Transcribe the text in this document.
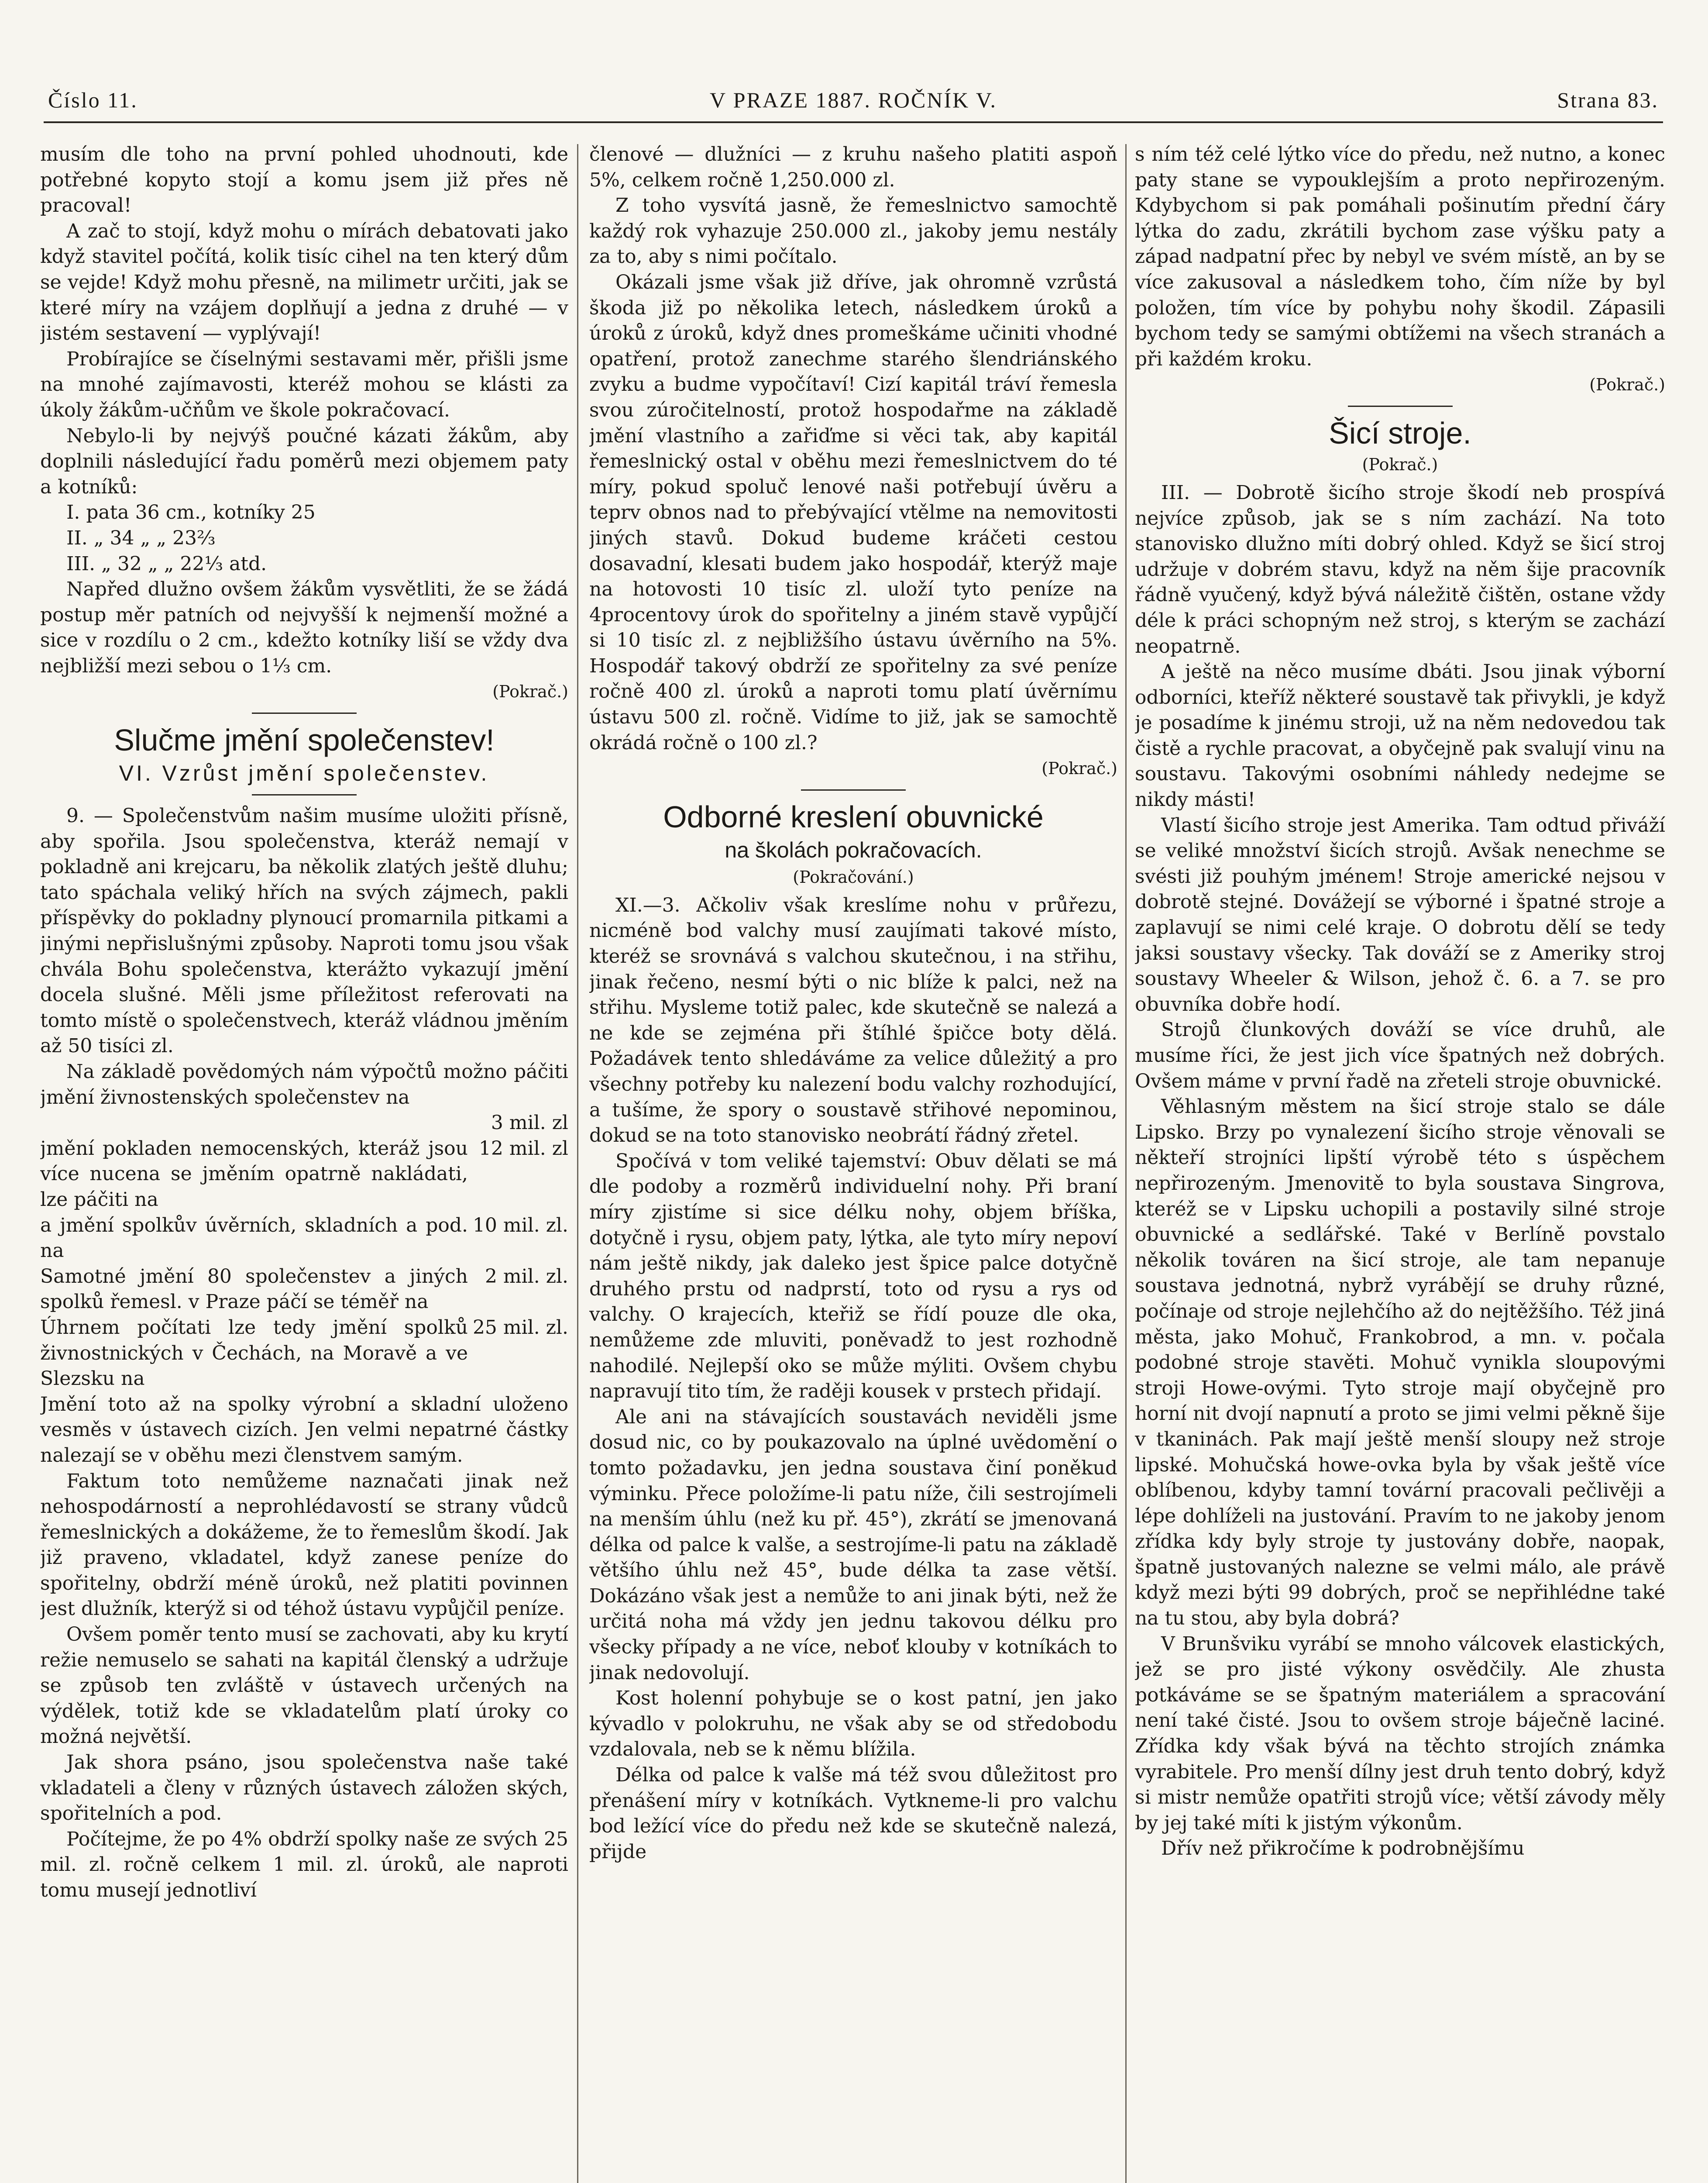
Číslo 11.	V PRAZE 1887. ROČNÍK V.	Strana 83.

musím dle toho na první pohled uhodnouti, kde potřebné kopyto stojí a komu jsem již přes ně pracoval!

A zač to stojí, když mohu o mírách debatovati jako když stavitel počítá, kolik tisíc cihel na ten který dům se vejde! Když mohu přesně, na milimetr určiti, jak se které míry na vzájem doplňují a jedna z druhé — v jistém sestavení — vyplývají!

Probírajíce se číselnými sestavami měr, přišli jsme na mnohé zajímavosti, kteréž mohou se klásti za úkoly žákům-učňům ve škole pokračovací.

Nebylo-li by nejvýš poučné kázati žákům, aby doplnili následující řadu poměrů mezi objemem paty a kotníků:

I. pata 36 cm., kotníky 25

II. „ 34 „ „ 23²⁄₃

III. „ 32 „ „ 22¹⁄₃ atd.

Napřed dlužno ovšem žákům vysvětliti, že se žádá postup měr patních od nejvyšší k nejmenší možné a sice v rozdílu o 2 cm., kdežto kotníky liší se vždy dva nejbližší mezi sebou o 1¹⁄₃ cm.

(Pokrač.)

Slučme jmění společenstev!
VI. Vzrůst jmění společenstev.

9. — Společenstvům našim musíme uložiti přísně, aby spořila. Jsou společenstva, kteráž nemají v pokladně ani krejcaru, ba několik zlatých ještě dluhu; tato spáchala veliký hřích na svých zájmech, pakli příspěvky do pokladny plynoucí promarnila pitkami a jinými nepřislušnými způsoby. Naproti tomu jsou však chvála Bohu společenstva, kterážto vykazují jmění docela slušné. Měli jsme příležitost referovati na tomto místě o společenstvech, kteráž vládnou jměním až 50 tisíci zl.

Na základě povědomých nám výpočtů možno páčiti jmění živnostenských společenstev na

3 mil. zl
jmění pokladen nemocenských, kteráž jsou více nucena se jměním opatrně nakládati, lze páčiti na
12 mil. zl
a jmění spolkův úvěrních, skladních a pod. na
10 mil. zl.
Samotné jmění 80 společenstev a jiných spolků řemesl. v Praze páčí se téměř na
2 mil. zl.
Úhrnem počítati lze tedy jmění spolků živnostnických v Čechách, na Moravě a ve Slezsku na
25 mil. zl.

Jmění toto až na spolky výrobní a skladní uloženo vesměs v ústavech cizích. Jen velmi nepatrné částky nalezají se v oběhu mezi členstvem samým.

Faktum toto nemůžeme naznačati jinak než nehospodárností a neprohlédavostí se strany vůdců řemeslnických a dokážeme, že to řemeslům škodí. Jak již praveno, vkladatel, když zanese peníze do spořitelny, obdrží méně úroků, než platiti povinnen jest dlužník, kterýž si od téhož ústavu vypůjčil peníze.

Ovšem poměr tento musí se zachovati, aby ku krytí režie nemuselo se sahati na kapitál členský a udržuje se způsob ten zvláště v ústavech určených na výdělek, totiž kde se vkladatelům platí úroky co možná největší.

Jak shora psáno, jsou společenstva naše také vkladateli a členy v různých ústavech záložen ských, spořitelních a pod.

Počítejme, že po 4% obdrží spolky naše ze svých 25 mil. zl. ročně celkem 1 mil. zl. úroků, ale naproti tomu musejí jednotliví

členové — dlužníci — z kruhu našeho platiti aspoň 5%, celkem ročně 1,250.000 zl.

Z toho vysvítá jasně, že řemeslnictvo samochtě každý rok vyhazuje 250.000 zl., jakoby jemu nestály za to, aby s nimi počítalo.

Okázali jsme však již dříve, jak ohromně vzrůstá škoda již po několika letech, následkem úroků a úroků z úroků, když dnes promeškáme učiniti vhodné opatření, protož zanechme starého šlendriánského zvyku a budme vypočítaví! Cizí kapitál tráví řemesla svou zúročitelností, protož hospodařme na základě jmění vlastního a zařiďme si věci tak, aby kapitál řemeslnický ostal v oběhu mezi řemeslnictvem do té míry, pokud spoluč lenové naši potřebují úvěru a teprv obnos nad to přebývající vtělme na nemovitosti jiných stavů. Dokud budeme kráčeti cestou dosavadní, klesati budem jako hospodář, kterýž maje na hotovosti 10 tisíc zl. uloží tyto peníze na 4procentovy úrok do spořitelny a jiném stavě vypůjčí si 10 tisíc zl. z nejbližšího ústavu úvěrního na 5%. Hospodář takový obdrží ze spořitelny za své peníze ročně 400 zl. úroků a naproti tomu platí úvěrnímu ústavu 500 zl. ročně. Vidíme to již, jak se samochtě okrádá ročně o 100 zl.?

(Pokrač.)

Odborné kreslení obuvnické
na školách pokračovacích.
(Pokračování.)

XI.—3. Ačkoliv však kreslíme nohu v průřezu, nicméně bod valchy musí zaujímati takové místo, kteréž se srovnává s valchou skutečnou, i na střihu, jinak řečeno, nesmí býti o nic blíže k palci, než na střihu. Mysleme totiž palec, kde skutečně se nalezá a ne kde se zejména při štíhlé špičce boty dělá. Požadávek tento shledáváme za velice důležitý a pro všechny potřeby ku nalezení bodu valchy rozhodující, a tušíme, že spory o soustavě střihové nepominou, dokud se na toto stanovisko neobrátí řádný zřetel.

Spočívá v tom veliké tajemství: Obuv dělati se má dle podoby a rozměrů individuelní nohy. Při braní míry zjistíme si sice délku nohy, objem bříška, dotyčně i rysu, objem paty, lýtka, ale tyto míry nepoví nám ještě nikdy, jak daleko jest špice palce dotyčně druhého prstu od nadprstí, toto od rysu a rys od valchy. O krajecích, kteřiž se řídí pouze dle oka, nemůžeme zde mluviti, poněvadž to jest rozhodně nahodilé. Nejlepší oko se může mýliti. Ovšem chybu napravují tito tím, že raději kousek v prstech přidají.

Ale ani na stávajících soustavách neviděli jsme dosud nic, co by poukazovalo na úplné uvědomění o tomto požadavku, jen jedna soustava činí poněkud výminku. Přece položíme-li patu níže, čili sestrojímeli na menším úhlu (než ku př. 45°), zkrátí se jmenovaná délka od palce k valše, a sestrojíme-li patu na základě většího úhlu než 45°, bude délka ta zase větší. Dokázáno však jest a nemůže to ani jinak býti, než že určitá noha má vždy jen jednu takovou délku pro všecky případy a ne více, neboť klouby v kotníkách to jinak nedovolují.

Kost holenní pohybuje se o kost patní, jen jako kývadlo v polokruhu, ne však aby se od středobodu vzdalovala, neb se k němu blížila.

Délka od palce k valše má též svou důležitost pro přenášení míry v kotníkách. Vytkneme-li pro valchu bod ležící více do předu než kde se skutečně nalezá, přijde

s ním též celé lýtko více do předu, než nutno, a konec paty stane se vypouklejším a proto nepřirozeným. Kdybychom si pak pomáhali pošinutím přední čáry lýtka do zadu, zkrátili bychom zase výšku paty a západ nadpatní přec by nebyl ve svém místě, an by se více zakusoval a následkem toho, čím níže by byl položen, tím více by pohybu nohy škodil. Zápasili bychom tedy se samými obtížemi na všech stranách a při každém kroku.

(Pokrač.)

Šicí stroje.
(Pokrač.)

III. — Dobrotě šicího stroje škodí neb prospívá nejvíce způsob, jak se s ním zachází. Na toto stanovisko dlužno míti dobrý ohled. Když se šicí stroj udržuje v dobrém stavu, když na něm šije pracovník řádně vyučený, když bývá náležitě čištěn, ostane vždy déle k práci schopným než stroj, s kterým se zachází neopatrně.

A ještě na něco musíme dbáti. Jsou jinak výborní odborníci, kteříž některé soustavě tak přivykli, je když je posadíme k jinému stroji, už na něm nedovedou tak čistě a rychle pracovat, a obyčejně pak svalují vinu na soustavu. Takovými osobními náhledy nedejme se nikdy másti!

Vlastí šicího stroje jest Amerika. Tam odtud přiváží se veliké množství šicích strojů. Avšak nenechme se svésti již pouhým jménem! Stroje americké nejsou v dobrotě stejné. Dovážejí se výborné i špatné stroje a zaplavují se nimi celé kraje. O dobrotu dělí se tedy jaksi soustavy všecky. Tak dováží se z Ameriky stroj soustavy Wheeler & Wilson, jehož č. 6. a 7. se pro obuvníka dobře hodí.

Strojů člunkových dováží se více druhů, ale musíme říci, že jest jich více špatných než dobrých. Ovšem máme v první řadě na zřeteli stroje obuvnické.

Věhlasným městem na šicí stroje stalo se dále Lipsko. Brzy po vynalezení šicího stroje věnovali se někteří strojníci lipští výrobě této s úspěchem nepřirozeným. Jmenovitě to byla soustava Singrova, kteréž se v Lipsku uchopili a postavily silné stroje obuvnické a sedlářské. Také v Berlíně povstalo několik továren na šicí stroje, ale tam nepanuje soustava jednotná, nybrž vyrábějí se druhy různé, počínaje od stroje nejlehčího až do nejtěžšího. Též jiná města, jako Mohuč, Frankobrod, a mn. v. počala podobné stroje stavěti. Mohuč vynikla sloupovými stroji Howe-ovými. Tyto stroje mají obyčejně pro horní nit dvojí napnutí a proto se jimi velmi pěkně šije v tkaninách. Pak mají ještě menší sloupy než stroje lipské. Mohučská howe-ovka byla by však ještě více oblíbenou, kdyby tamní tovární pracovali pečlivěji a lépe dohlíželi na justování. Pravím to ne jakoby jenom zřídka kdy byly stroje ty justovány dobře, naopak, špatně justovaných nalezne se velmi málo, ale právě když mezi býti 99 dobrých, proč se nepřihlédne také na tu stou, aby byla dobrá?

V Brunšviku vyrábí se mnoho válcovek elastických, jež se pro jisté výkony osvědčily. Ale zhusta potkáváme se se špatným materiálem a spracování není také čisté. Jsou to ovšem stroje báječně laciné. Zřídka kdy však bývá na těchto strojích známka vyrabitele. Pro menší dílny jest druh tento dobrý, když si mistr nemůže opatřiti strojů více; větší závody měly by jej také míti k jistým výkonům.

Dřív než přikročíme k podrobnějšímu
